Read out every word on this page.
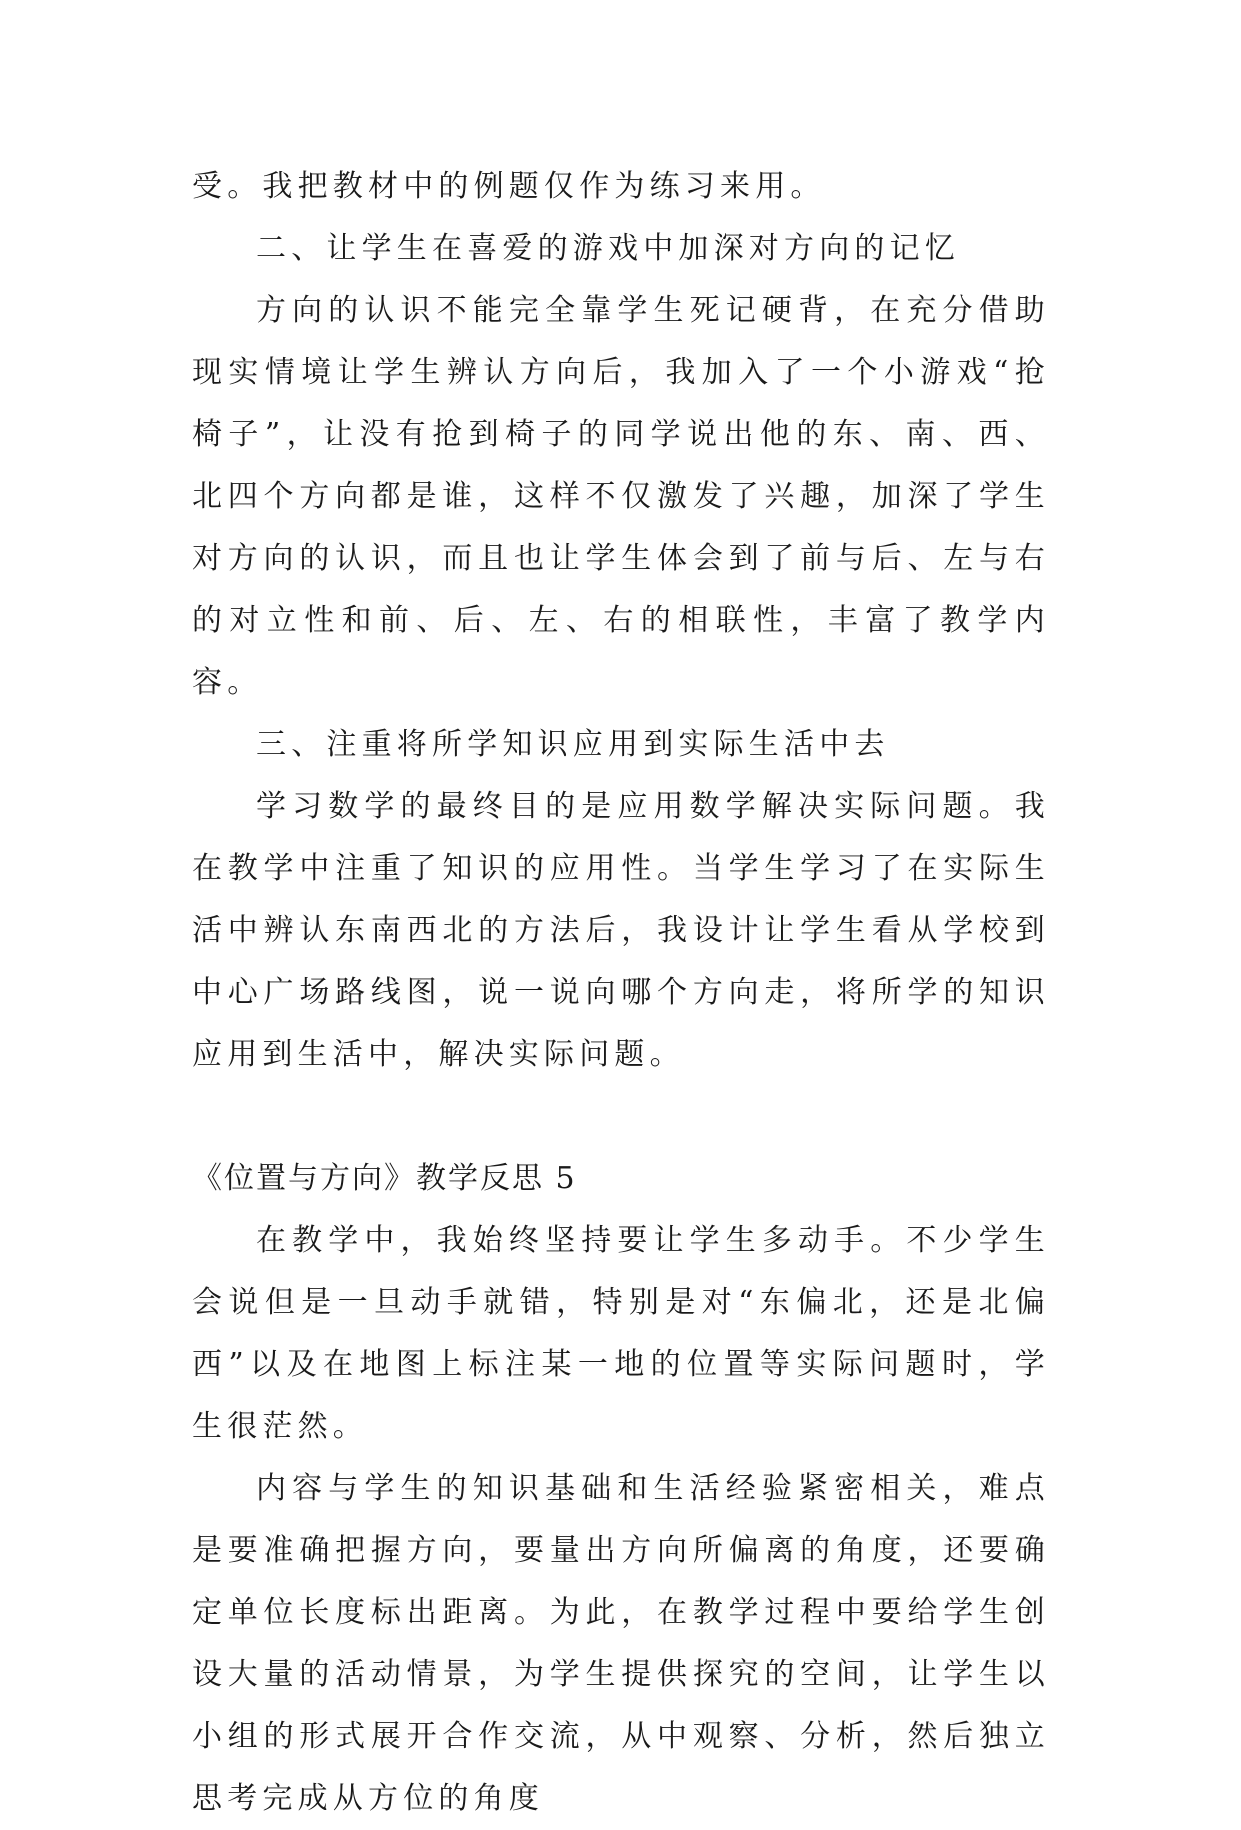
受。我把教材中的例题仅作为练习来用。

二、让学生在喜爱的游戏中加深对方向的记忆

方向的认识不能完全靠学生死记硬背，在充分借助现实情境让学生辨认方向后，我加入了一个小游戏“抢椅子”，让没有抢到椅子的同学说出他的东、南、西、北四个方向都是谁，这样不仅激发了兴趣，加深了学生对方向的认识，而且也让学生体会到了前与后、左与右的对立性和前、后、左、右的相联性，丰富了教学内容。

三、注重将所学知识应用到实际生活中去

学习数学的最终目的是应用数学解决实际问题。我在教学中注重了知识的应用性。当学生学习了在实际生活中辨认东南西北的方法后，我设计让学生看从学校到中心广场路线图，说一说向哪个方向走，将所学的知识应用到生活中，解决实际问题。

《位置与方向》教学反思 5

在教学中，我始终坚持要让学生多动手。不少学生会说但是一旦动手就错，特别是对“东偏北，还是北偏西”以及在地图上标注某一地的位置等实际问题时，学生很茫然。

内容与学生的知识基础和生活经验紧密相关，难点是要准确把握方向，要量出方向所偏离的角度，还要确定单位长度标出距离。为此，在教学过程中要给学生创设大量的活动情景，为学生提供探究的空间，让学生以小组的形式展开合作交流，从中观察、分析，然后独立思考完成从方位的角度
